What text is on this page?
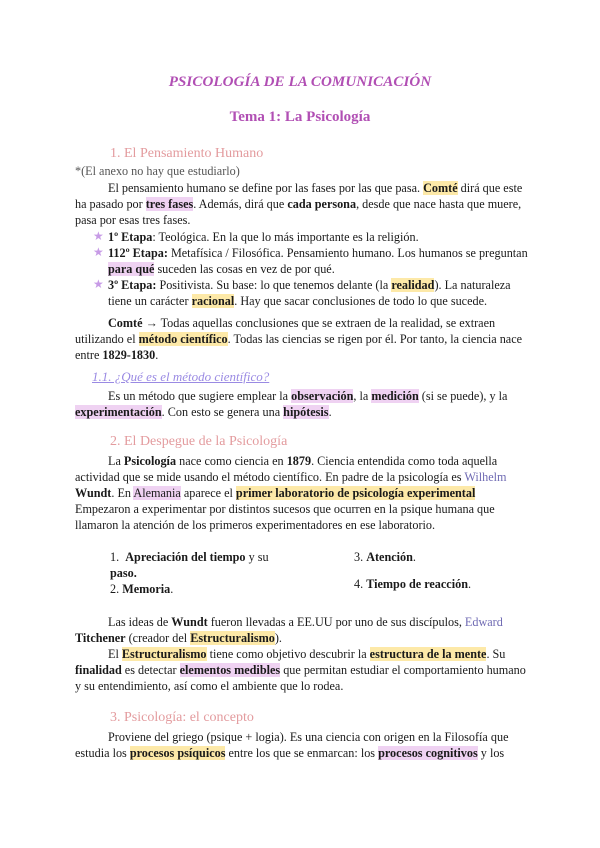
PSICOLOGÍA DE LA COMUNICACIÓN
Tema 1: La Psicología
1. El Pensamiento Humano
*(El anexo no hay que estudiarlo)
El pensamiento humano se define por las fases por las que pasa. Comté dirá que este
ha pasado por tres fases. Además, dirá que cada persona, desde que nace hasta que muere,
pasa por esas tres fases.
★ 1º Etapa: Teológica. En la que lo más importante es la religión.
★ 112º Etapa: Metafísica / Filosófica. Pensamiento humano. Los humanos se preguntan
para qué suceden las cosas en vez de por qué.
★ 3º Etapa: Positivista. Su base: lo que tenemos delante (la realidad). La naturaleza
tiene un carácter racional. Hay que sacar conclusiones de todo lo que sucede.
Comté → Todas aquellas conclusiones que se extraen de la realidad, se extraen
utilizando el método científico. Todas las ciencias se rigen por él. Por tanto, la ciencia nace
entre 1829-1830.
1.1. ¿Qué es el método científico?
Es un método que sugiere emplear la observación, la medición (si se puede), y la
experimentación. Con esto se genera una hipótesis.
2. El Despegue de la Psicología
La Psicología nace como ciencia en 1879. Ciencia entendida como toda aquella
actividad que se mide usando el método científico. En padre de la psicología es Wilhelm
Wundt. En Alemania aparece el primer laboratorio de psicología experimental
Empezaron a experimentar por distintos sucesos que ocurren en la psique humana que
llamaron la atención de los primeros experimentadores en ese laboratorio.
1. Apreciación del tiempo y su
paso.
2. Memoria.
3. Atención.
4. Tiempo de reacción.
Las ideas de Wundt fueron llevadas a EE.UU por uno de sus discípulos, Edward
Titchener (creador del Estructuralismo).
El Estructuralismo tiene como objetivo descubrir la estructura de la mente. Su
finalidad es detectar elementos medibles que permitan estudiar el comportamiento humano
y su entendimiento, así como el ambiente que lo rodea.
3. Psicología: el concepto
Proviene del griego (psique + logia). Es una ciencia con origen en la Filosofía que
estudia los procesos psíquicos entre los que se enmarcan: los procesos cognitivos y los
